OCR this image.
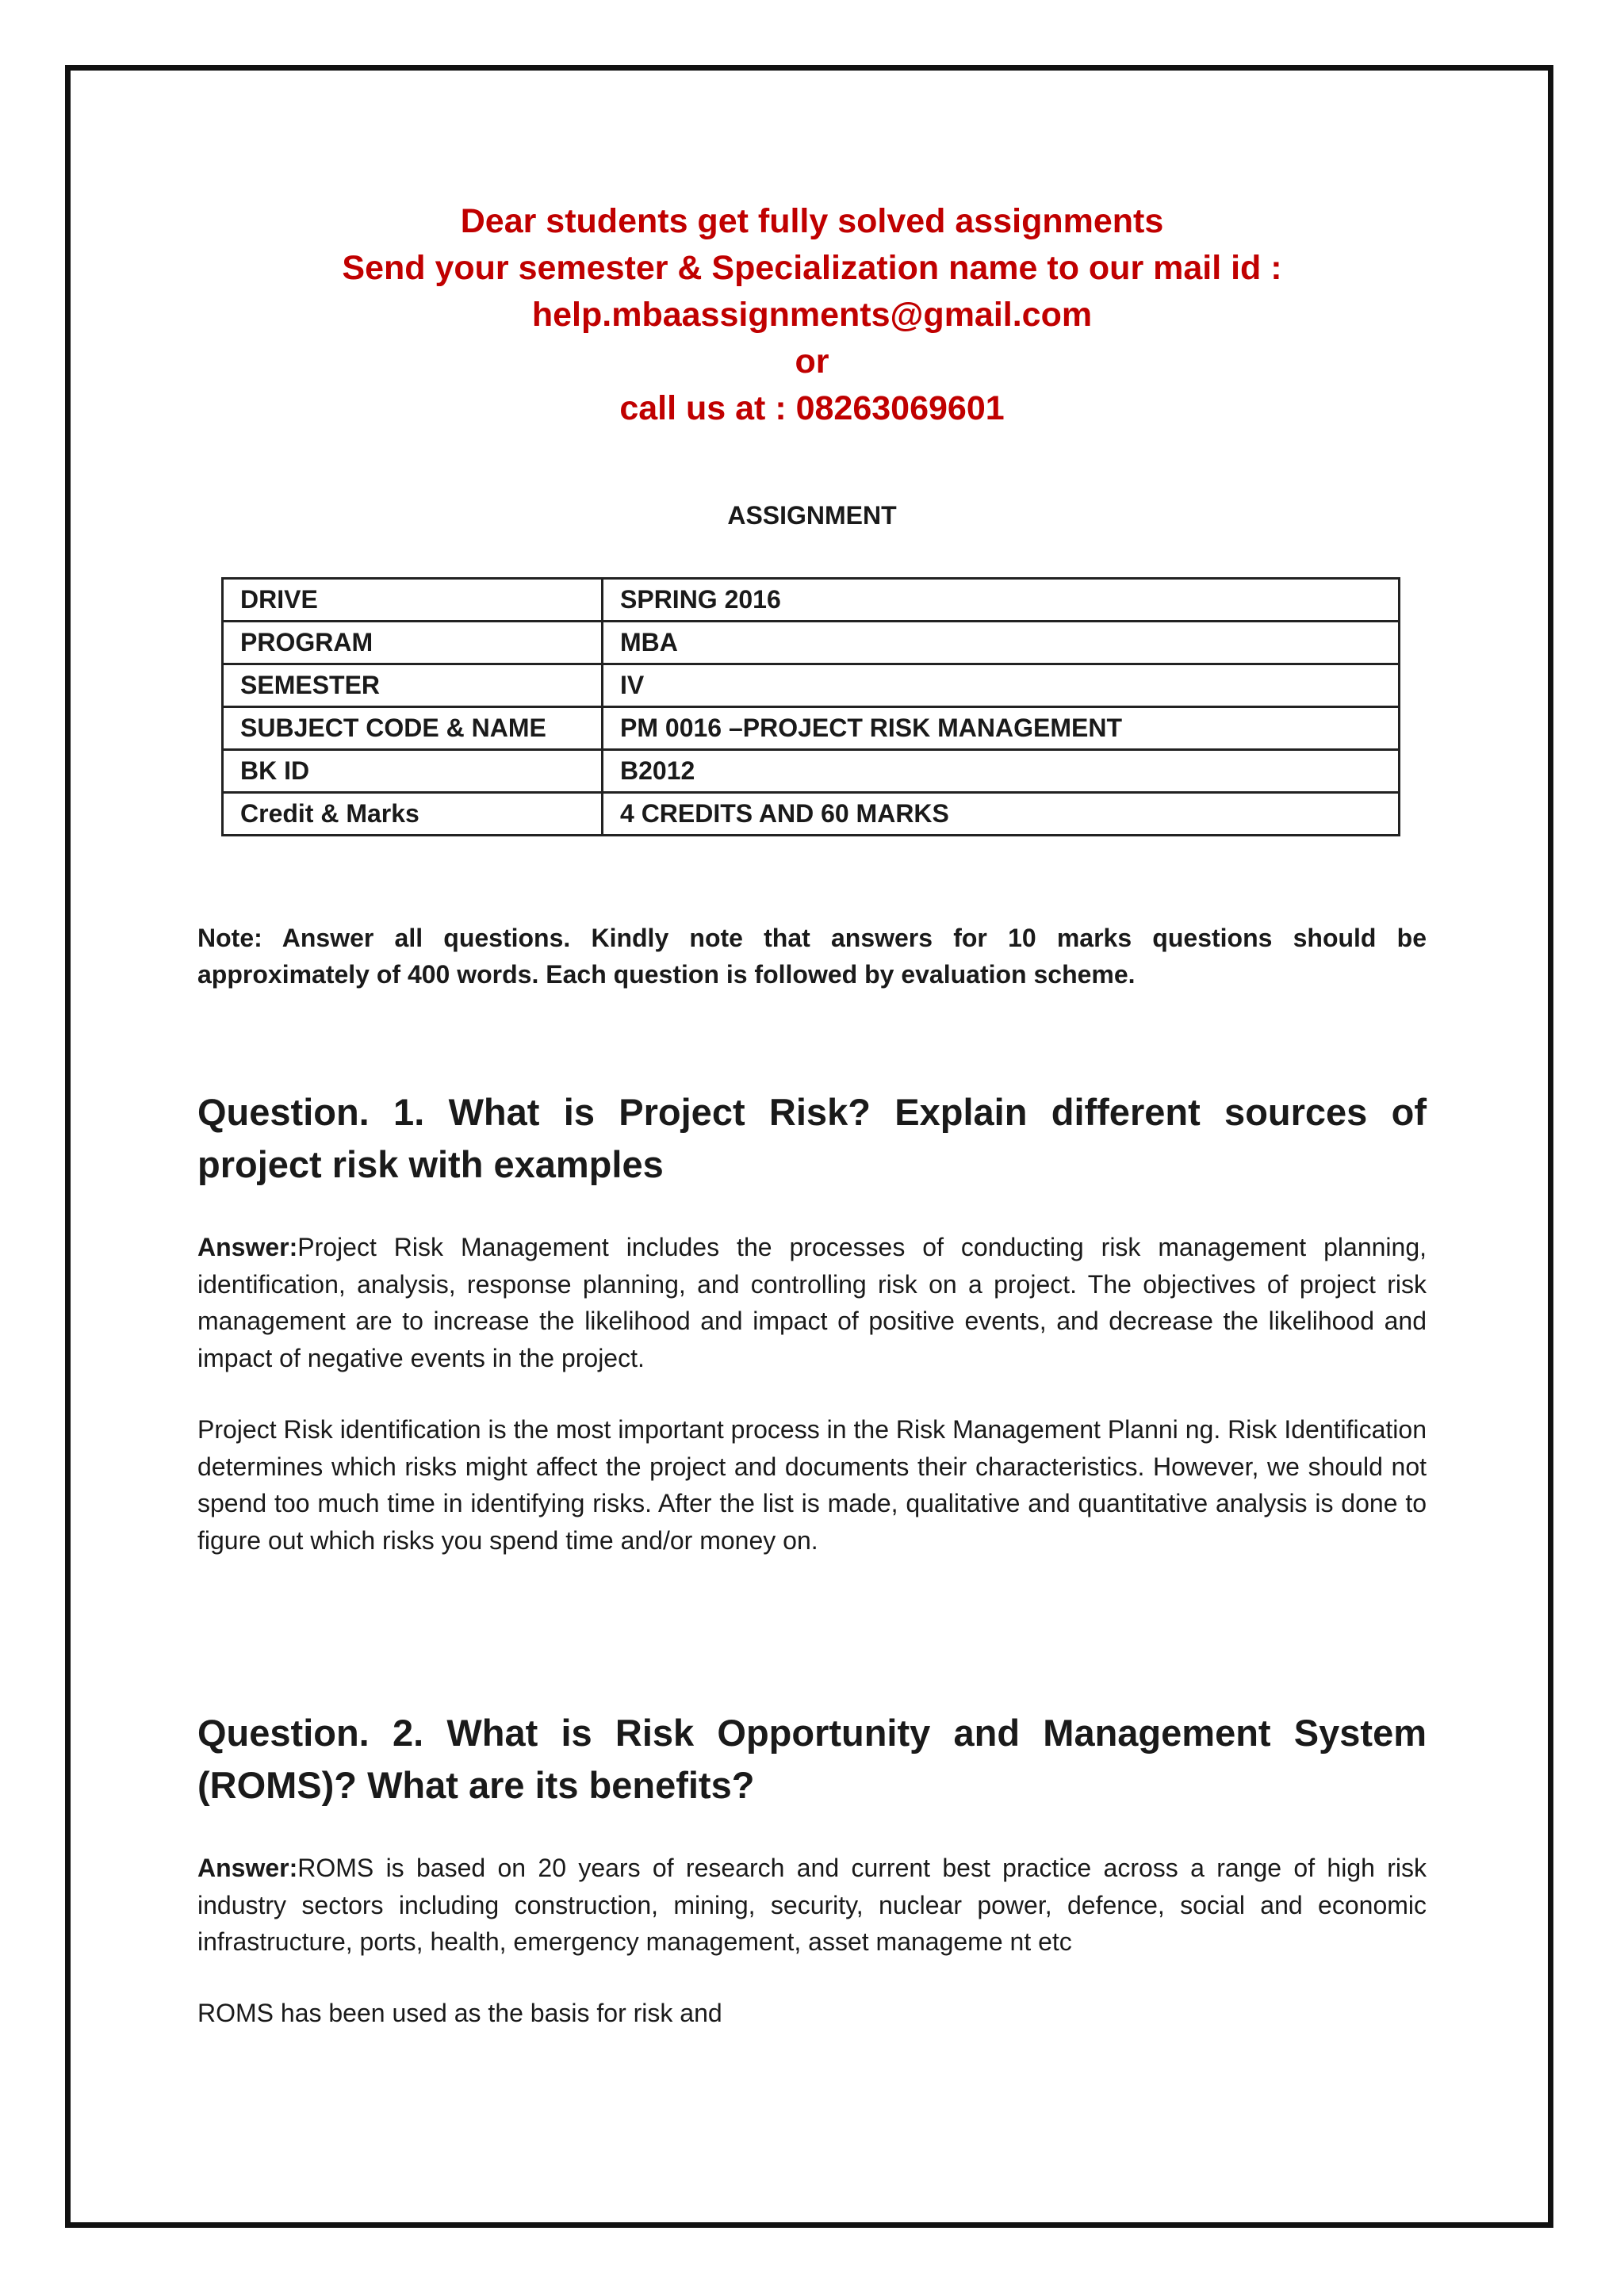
Dear students get fully solved assignments
Send your semester & Specialization name to our mail id :
help.mbaassignments@gmail.com
or
call us at : 08263069601
ASSIGNMENT
DRIVE	SPRING 2016
PROGRAM	MBA
SEMESTER	IV
SUBJECT CODE & NAME	PM 0016 –PROJECT RISK MANAGEMENT
BK ID	B2012
Credit & Marks	4 CREDITS AND 60 MARKS
Note: Answer all questions. Kindly note that answers for 10 marks questions should be approximately of 400 words. Each question is followed by evaluation scheme.
Question. 1. What is Project Risk? Explain different sources of project risk with examples
Answer:Project Risk Management includes the processes of conducting risk management planning, identification, analysis, response planning, and controlling risk on a project. The objectives of project risk management are to increase the likelihood and impact of positive events, and decrease the likelihood and impact of negative events in the project.
Project Risk identification is the most important process in the Risk Management Planni ng. Risk Identification determines which risks might affect the project and documents their characteristics. However, we should not spend too much time in identifying risks. After the list is made, qualitative and quantitative analysis is done to figure out which risks you spend time and/or money on.
Question. 2. What is Risk Opportunity and Management System (ROMS)? What are its benefits?
Answer:ROMS is based on 20 years of research and current best practice across a range of high risk industry sectors including construction, mining, security, nuclear power, defence, social and economic infrastructure, ports, health, emergency management, asset manageme nt etc
ROMS has been used as the basis for risk and
